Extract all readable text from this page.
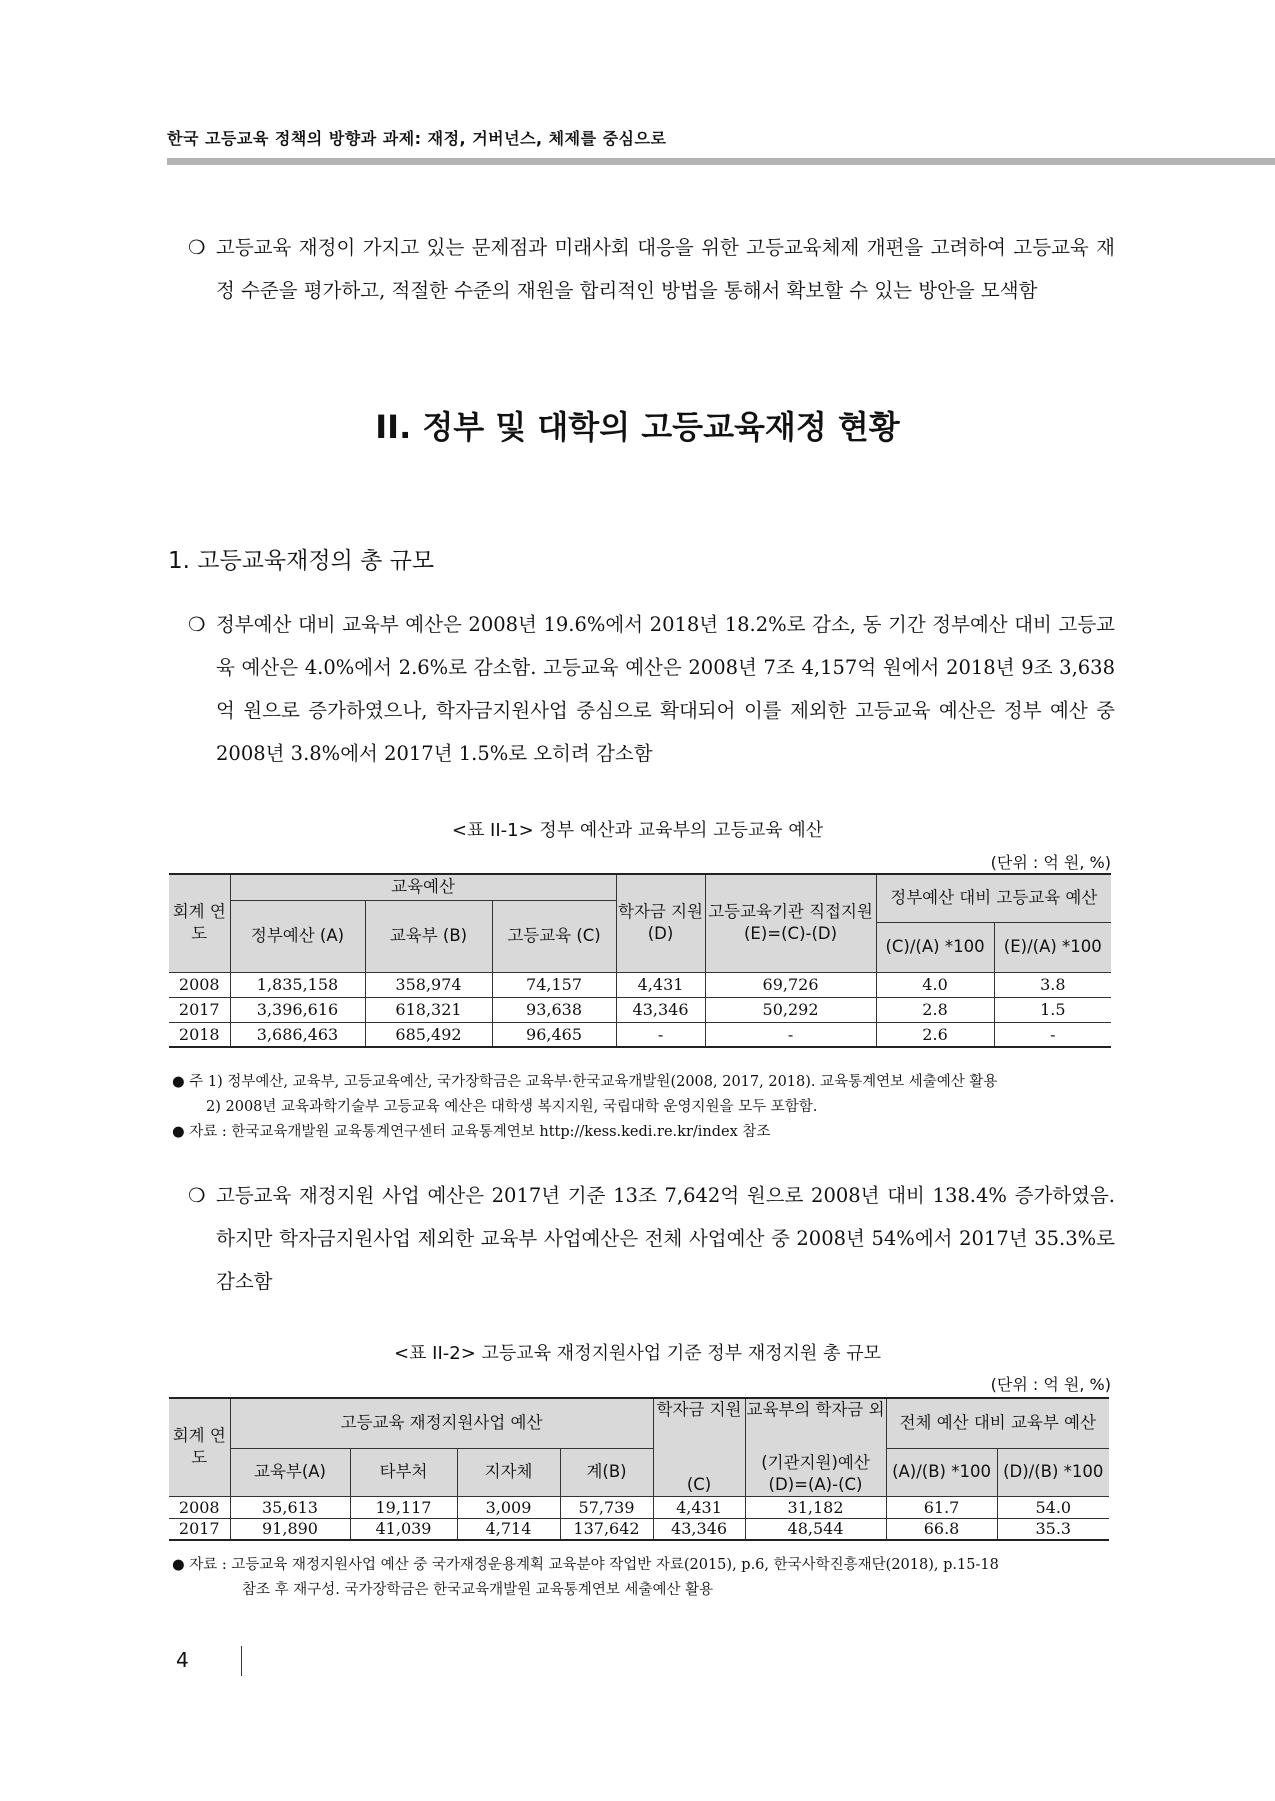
한국 고등교육 정책의 방향과 과제: 재정, 거버넌스, 체제를 중심으로
❍ 고등교육 재정이 가지고 있는 문제점과 미래사회 대응을 위한 고등교육체제 개편을 고려하여 고등교육 재정 수준을 평가하고, 적절한 수준의 재원을 합리적인 방법을 통해서 확보할 수 있는 방안을 모색함
II. 정부 및 대학의 고등교육재정 현황
1. 고등교육재정의 총 규모
❍ 정부예산 대비 교육부 예산은 2008년 19.6%에서 2018년 18.2%로 감소, 동 기간 정부예산 대비 고등교육 예산은 4.0%에서 2.6%로 감소함. 고등교육 예산은 2008년 7조 4,157억 원에서 2018년 9조 3,638억 원으로 증가하였으나, 학자금지원사업 중심으로 확대되어 이를 제외한 고등교육 예산은 정부 예산 중 2008년 3.8%에서 2017년 1.5%로 오히려 감소함
<표 II-1> 정부 예산과 교육부의 고등교육 예산
(단위 : 억 원, %)
회계 연도	교육예산			학자금 지원 (D)	고등교육기관 직접지원 (E)=(C)-(D)	정부예산 대비 고등교육 예산	
	정부예산 (A)	교육부 (B)	고등교육 (C)				
						(C)/(A) *100	(E)/(A) *100
2008	1,835,158	358,974	74,157	4,431	69,726	4.0	3.8
2017	3,396,616	618,321	93,638	43,346	50,292	2.8	1.5
2018	3,686,463	685,492	96,465	-	-	2.6	-
● 주 1) 정부예산, 교육부, 고등교육예산, 국가장학금은 교육부·한국교육개발원(2008, 2017, 2018). 교육통계연보 세출예산 활용
2) 2008년 교육과학기술부 고등교육 예산은 대학생 복지지원, 국립대학 운영지원을 모두 포함함.
● 자료 : 한국교육개발원 교육통계연구센터 교육통계연보 http://kess.kedi.re.kr/index 참조
❍ 고등교육 재정지원 사업 예산은 2017년 기준 13조 7,642억 원으로 2008년 대비 138.4% 증가하였음. 하지만 학자금지원사업 제외한 교육부 사업예산은 전체 사업예산 중 2008년 54%에서 2017년 35.3%로 감소함
<표 II-2> 고등교육 재정지원사업 기준 정부 재정지원 총 규모
(단위 : 억 원, %)
회계 연도	고등교육 재정지원사업 예산				학자금 지원	교육부의 학자금 외	전체 예산 대비 교육부 예산	
	교육부(A)	타부처	지자체	계(B)	(C)	(기관지원)예산 (D)=(A)-(C)	(A)/(B) *100	(D)/(B) *100
2008	35,613	19,117	3,009	57,739	4,431	31,182	61.7	54.0
2017	91,890	41,039	4,714	137,642	43,346	48,544	66.8	35.3
● 자료 : 고등교육 재정지원사업 예산 중 국가재정운용계획 교육분야 작업반 자료(2015), p.6, 한국사학진흥재단(2018), p.15-18
참조 후 재구성. 국가장학금은 한국교육개발원 교육통계연보 세출예산 활용
4
